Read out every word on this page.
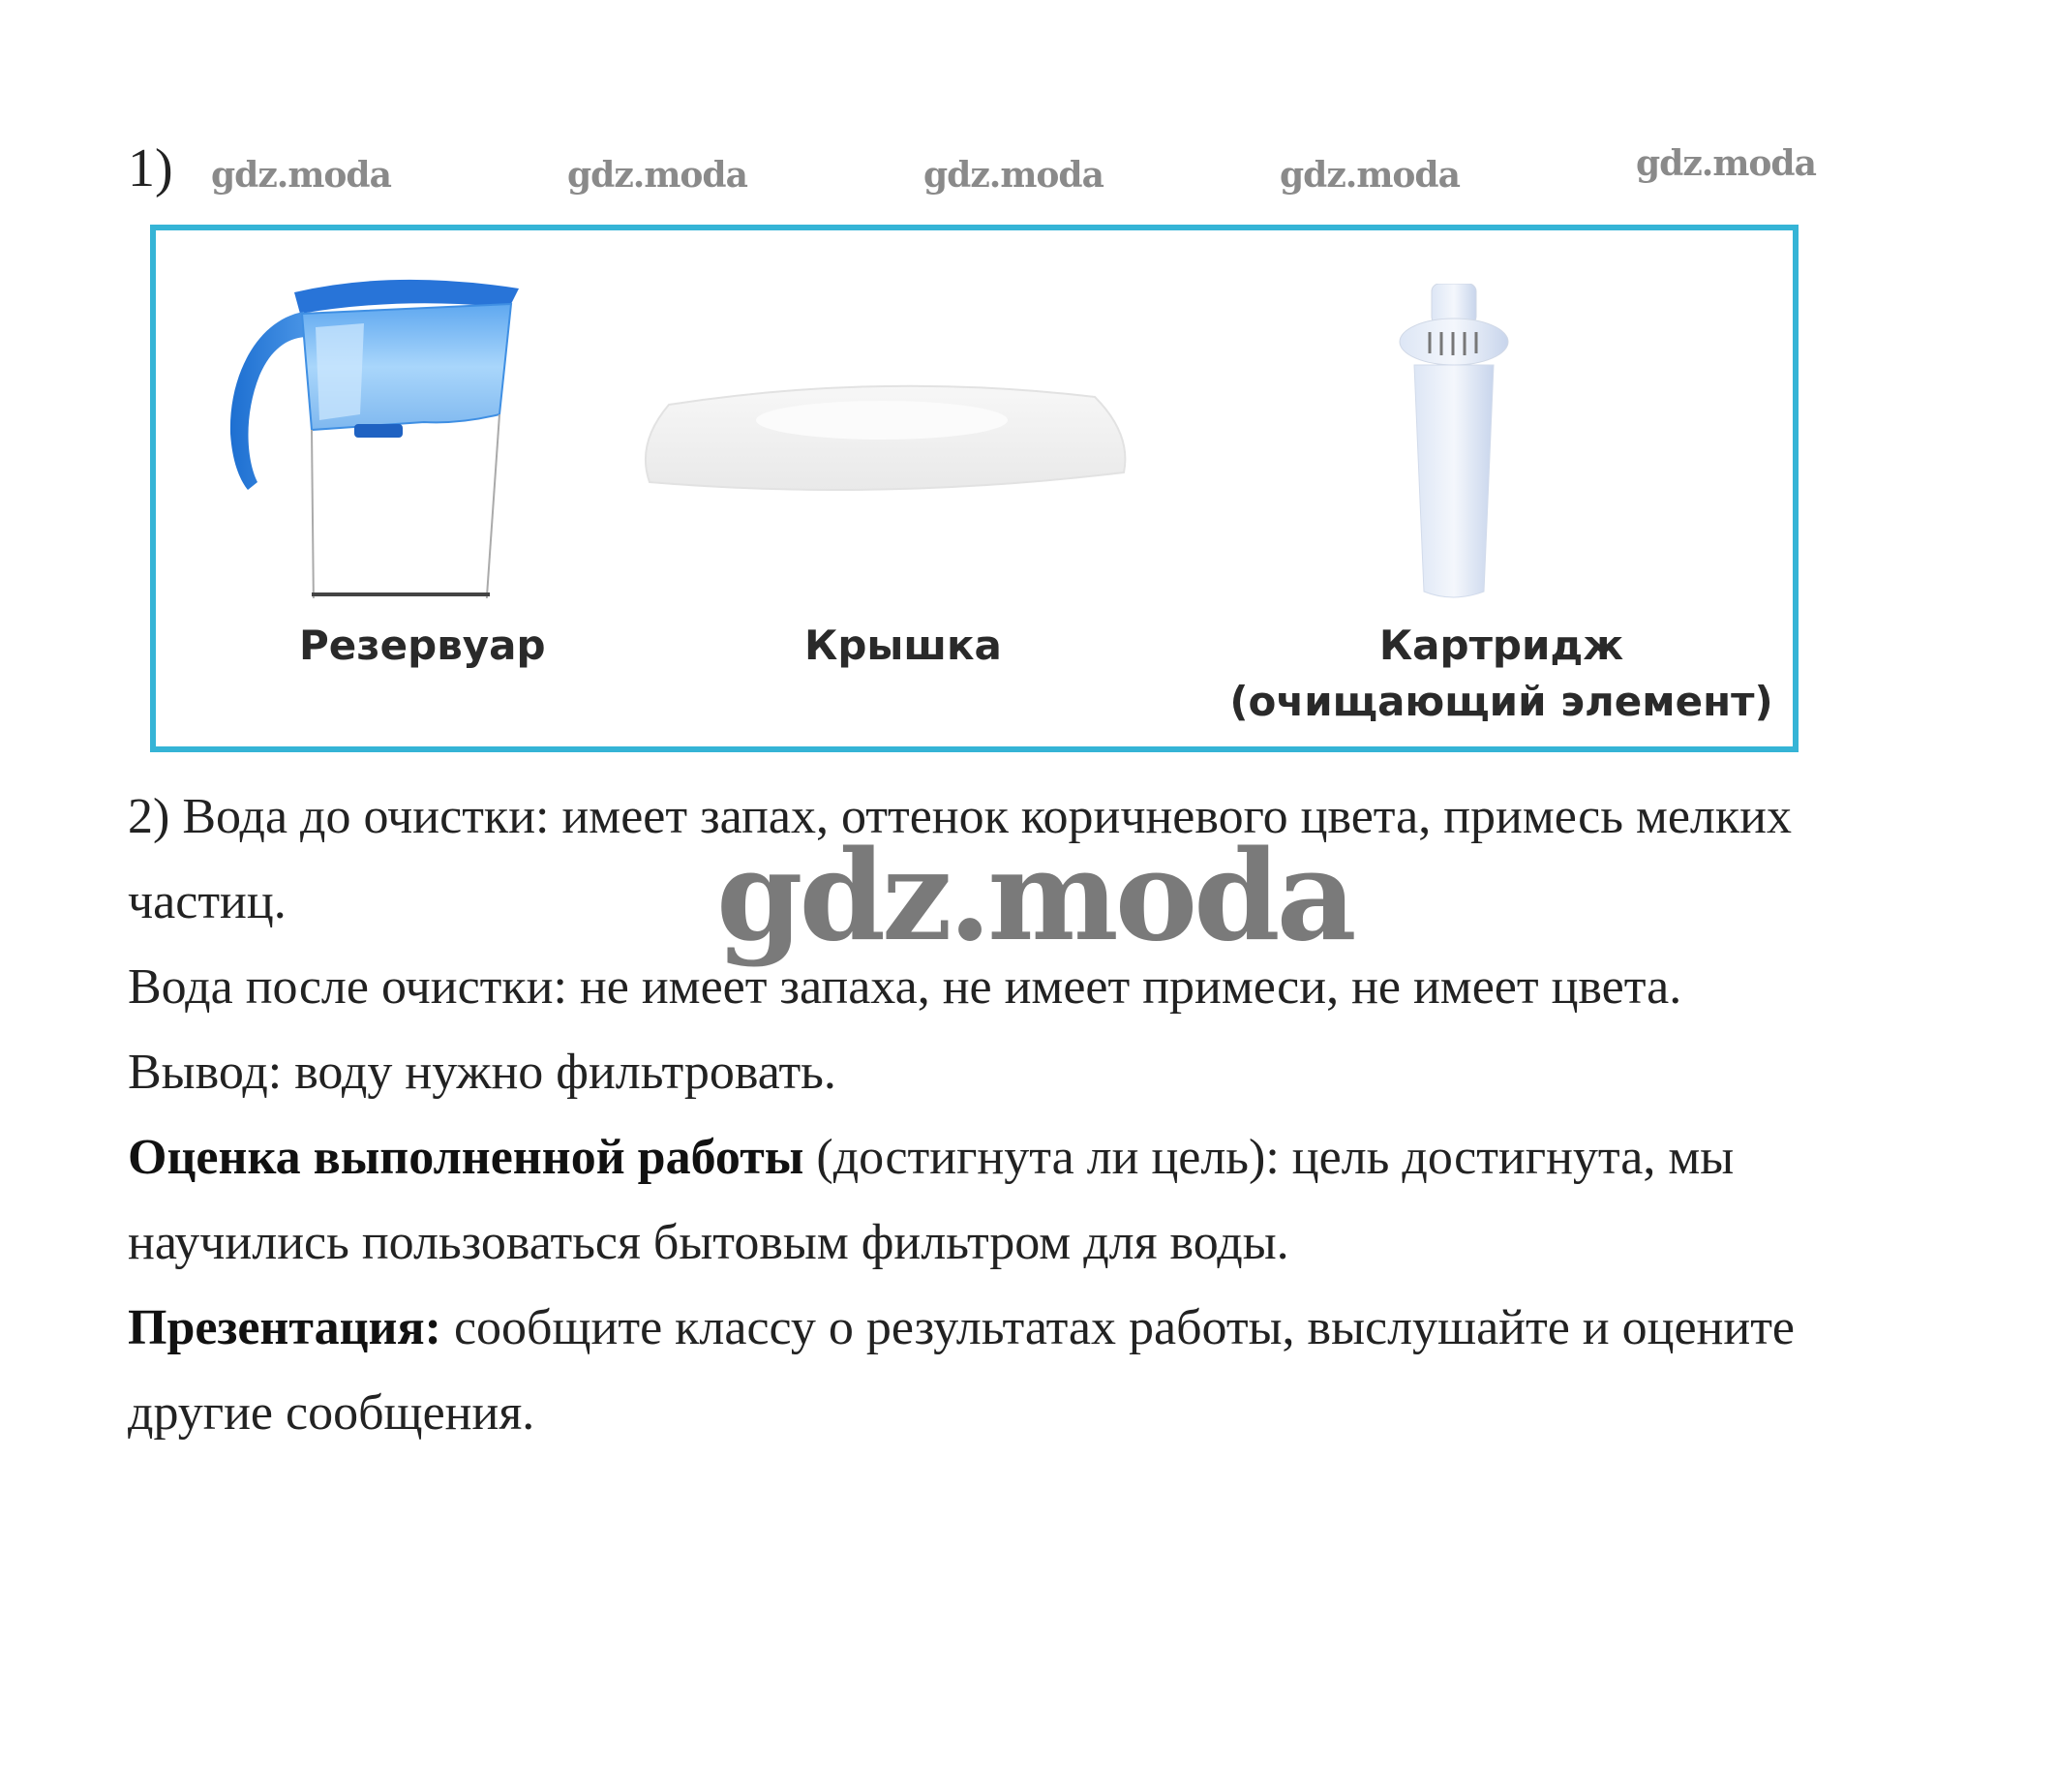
1) gdz.moda	gdz.moda	gdz.moda	gdz.moda	gdz.moda
Резервуар	Крышка	Картридж
(очищающий элемент)

2) Вода до очистки: имеет запах, оттенок коричневого цвета, примесь мелких частиц.

Вода после очистки: не имеет запаха, не имеет примеси, не имеет цвета.

Вывод: воду нужно фильтровать.

Оценка выполненной работы (достигнута ли цель): цель достигнута, мы научились пользоваться бытовым фильтром для воды.

Презентация: сообщите классу о результатах работы, выслушайте и оцените другие сообщения.

gdz.moda
